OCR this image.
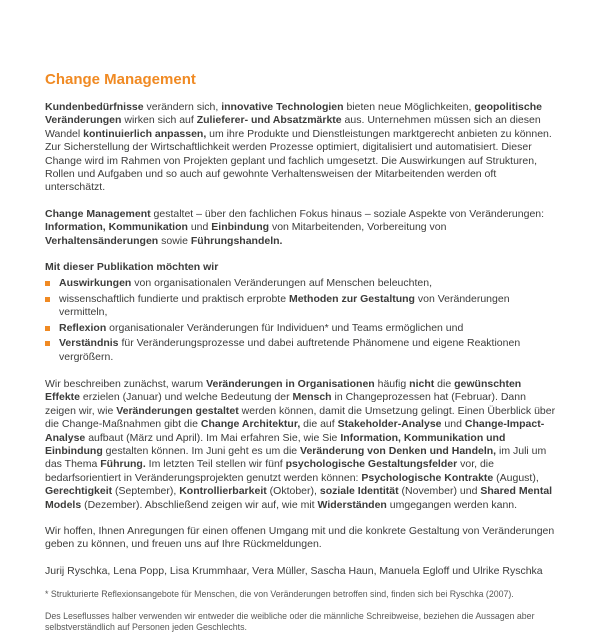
Change Management

Kundenbedürfnisse verändern sich, innovative Technologien bieten neue Möglichkeiten, geopolitische Veränderungen wirken sich auf Zulieferer- und Absatzmärkte aus. Unternehmen müssen sich an diesen Wandel kontinuierlich anpassen, um ihre Produkte und Dienstleistungen marktgerecht anbieten zu können. Zur Sicherstellung der Wirtschaftlichkeit werden Prozesse optimiert, digitalisiert und automatisiert. Dieser Change wird im Rahmen von Projekten geplant und fachlich umgesetzt. Die Auswirkungen auf Strukturen, Rollen und Aufgaben und so auch auf gewohnte Verhaltensweisen der Mitarbeitenden werden oft unterschätzt.

Change Management gestaltet – über den fachlichen Fokus hinaus – soziale Aspekte von Veränderungen: Information, Kommunikation und Einbindung von Mitarbeitenden, Vorbereitung von Verhaltensänderungen sowie Führungshandeln.

Mit dieser Publikation möchten wir

Auswirkungen von organisationalen Veränderungen auf Menschen beleuchten,
wissenschaftlich fundierte und praktisch erprobte Methoden zur Gestaltung von Veränderungen vermitteln,
Reflexion organisationaler Veränderungen für Individuen* und Teams ermöglichen und
Verständnis für Veränderungsprozesse und dabei auftretende Phänomene und eigene Reaktionen vergrößern.

Wir beschreiben zunächst, warum Veränderungen in Organisationen häufig nicht die gewünschten Effekte erzielen (Januar) und welche Bedeutung der Mensch in Changeprozessen hat (Februar). Dann zeigen wir, wie Veränderungen gestaltet werden können, damit die Umsetzung gelingt. Einen Überblick über die Change-Maßnahmen gibt die Change Architektur, die auf Stakeholder-Analyse und Change-Impact-Analyse aufbaut (März und April). Im Mai erfahren Sie, wie Sie Information, Kommunikation und Einbindung gestalten können. Im Juni geht es um die Veränderung von Denken und Handeln, im Juli um das Thema Führung. Im letzten Teil stellen wir fünf psychologische Gestaltungsfelder vor, die bedarfsorientiert in Veränderungsprojekten genutzt werden können: Psychologische Kontrakte (August), Gerechtigkeit (September), Kontrollierbarkeit (Oktober), soziale Identität (November) und Shared Mental Models (Dezember). Abschließend zeigen wir auf, wie mit Widerständen umgegangen werden kann.

Wir hoffen, Ihnen Anregungen für einen offenen Umgang mit und die konkrete Gestaltung von Veränderungen geben zu können, und freuen uns auf Ihre Rückmeldungen.

Jurij Ryschka, Lena Popp, Lisa Krummhaar, Vera Müller, Sascha Haun, Manuela Egloff und Ulrike Ryschka

* Strukturierte Reflexionsangebote für Menschen, die von Veränderungen betroffen sind, finden sich bei Ryschka (2007).

Des Leseflusses halber verwenden wir entweder die weibliche oder die männliche Schreibweise, beziehen die Aussagen aber selbstverständlich auf Personen jeden Geschlechts.
